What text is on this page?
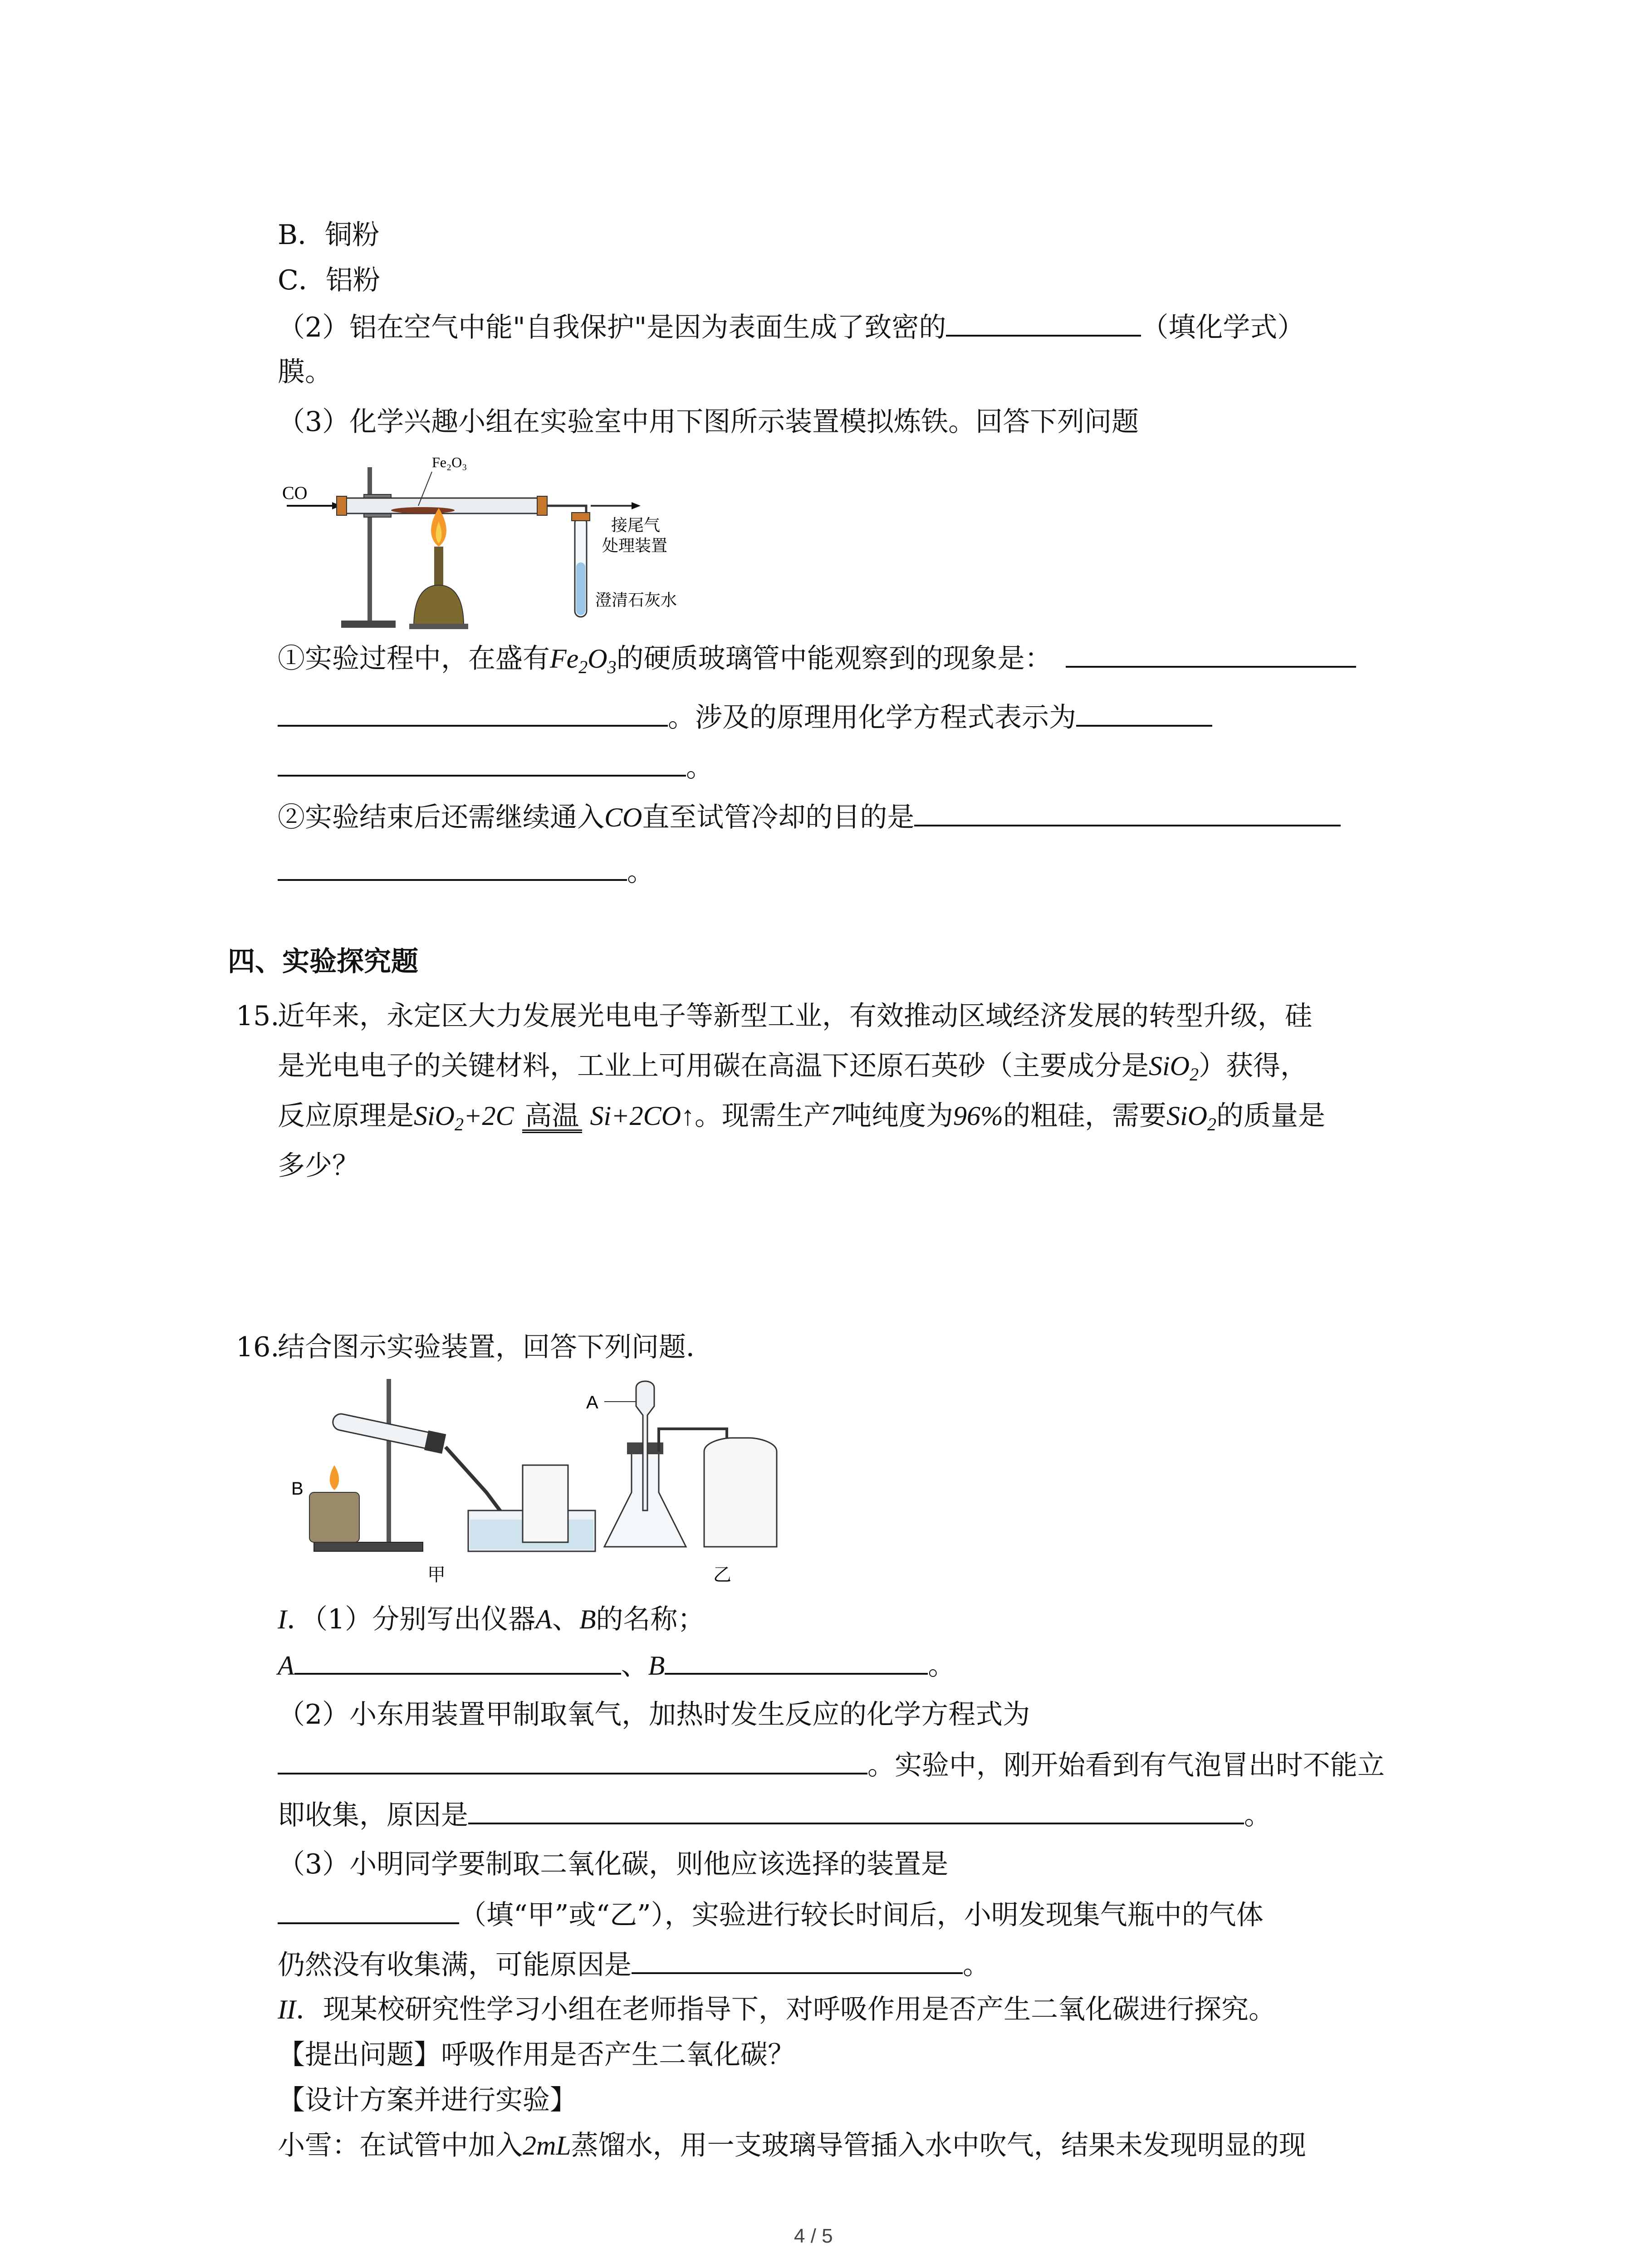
B．铜粉
C．铝粉
（2）铝在空气中能"自我保护"是因为表面生成了致密的	（填化学式）
膜。
（3）化学兴趣小组在实验室中用下图所示装置模拟炼铁。回答下列问题
CO
Fe₂O₃
接尾气
处理装置
澄清石灰水
①实验过程中，在盛有$Fe_2O_3$的硬质玻璃管中能观察到的现象是：
。涉及的原理用化学方程式表示为
。
②实验结束后还需继续通入CO直至试管冷却的目的是
。
四、实验探究题
15.
近年来，永定区大力发展光电电子等新型工业，有效推动区域经济发展的转型升级，硅
是光电电子的关键材料，工业上可用碳在高温下还原石英砂（主要成分是SiO$_2$）获得，
反应原理是SiO$_2$+2C 高温 Si+2CO↑。现需生产7吨纯度为96%的粗硅，需要SiO$_2$的质量是
多少？
16.
结合图示实验装置，回答下列问题．
B
A
甲	乙
I．（1）分别写出仪器A、B的名称；
A	、B	。
（2）小东用装置甲制取氧气，加热时发生反应的化学方程式为
。实验中，刚开始看到有气泡冒出时不能立
即收集，原因是	。
（3）小明同学要制取二氧化碳，则他应该选择的装置是
（填“甲”或“乙”），实验进行较长时间后，小明发现集气瓶中的气体
仍然没有收集满，可能原因是	。
II．现某校研究性学习小组在老师指导下，对呼吸作用是否产生二氧化碳进行探究。
【提出问题】呼吸作用是否产生二氧化碳？
【设计方案并进行实验】
小雪：在试管中加入2mL蒸馏水，用一支玻璃导管插入水中吹气，结果未发现明显的现
4 / 5
